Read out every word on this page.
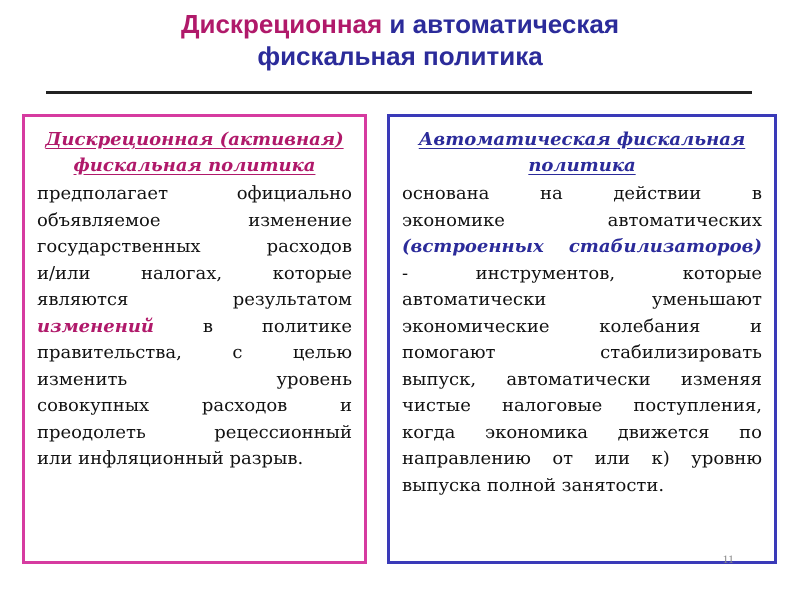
Дискреционная и автоматическая
фискальная политика
Дискреционная (активная)
фискальная политика
предполагает официально
объявляемое изменение
государственных расходов
и/или налогах, которые
являются результатом
изменений в политике
правительства, с целью
изменить уровень
совокупных расходов и
преодолеть рецессионный
или инфляционный разрыв.
Автоматическая фискальная
политика
основана на действии в
экономике автоматических
(встроенных стабилизаторов)
- инструментов, которые
автоматически уменьшают
экономические колебания и
помогают стабилизировать
выпуск, автоматически изменяя
чистые налоговые поступления,
когда экономика движется по
направлению от или к) уровню
выпуска полной занятости.
11
